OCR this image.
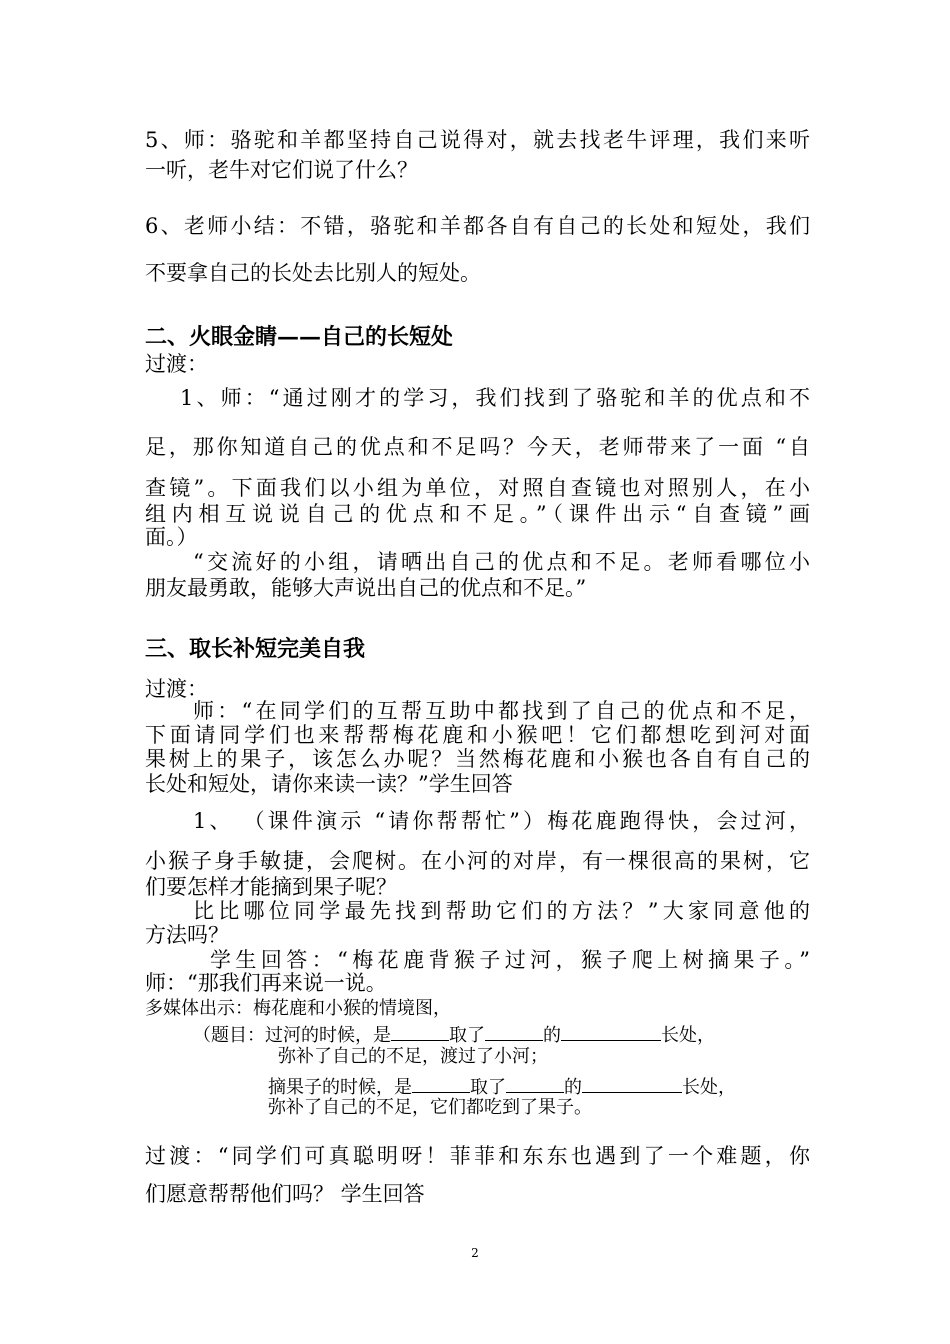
5、师：骆驼和羊都坚持自己说得对，就去找老牛评理，我们来听
一听，老牛对它们说了什么？
6、老师小结：不错，骆驼和羊都各自有自己的长处和短处，我们
不要拿自己的长处去比别人的短处。
二、火眼金睛——自己的长短处
过渡：
1、师：“通过刚才的学习，我们找到了骆驼和羊的优点和不
足，那你知道自己的优点和不足吗？今天，老师带来了一面 “自
查镜”。下面我们以小组为单位，对照自查镜也对照别人，在小
组内相互说说自己的优点和不足。”（课件出示“自查镜”画
面。）
“交流好的小组，请晒出自己的优点和不足。老师看哪位小
朋友最勇敢，能够大声说出自己的优点和不足。”
三、取长补短完美自我
过渡：
师：“在同学们的互帮互助中都找到了自己的优点和不足，
下面请同学们也来帮帮梅花鹿和小猴吧！它们都想吃到河对面
果树上的果子，该怎么办呢？当然梅花鹿和小猴也各自有自己的
长处和短处，请你来读一读？”学生回答
1、 （课件演示 “请你帮帮忙”）梅花鹿跑得快，会过河，
小猴子身手敏捷，会爬树。在小河的对岸，有一棵很高的果树，它
们要怎样才能摘到果子呢？
比比哪位同学最先找到帮助它们的方法？”大家同意他的
方法吗？
学生回答：“梅花鹿背猴子过河，猴子爬上树摘果子。”
师：“那我们再来说一说。
多媒体出示：梅花鹿和小猴的情境图，
（题目：过河的时候，是	取了	的	长处，
弥补了自己的不足，渡过了小河；
摘果子的时候，是	取了	的	长处，
弥补了自己的不足，它们都吃到了果子。
过渡：“同学们可真聪明呀！菲菲和东东也遇到了一个难题，你
们愿意帮帮他们吗？ 学生回答
2
